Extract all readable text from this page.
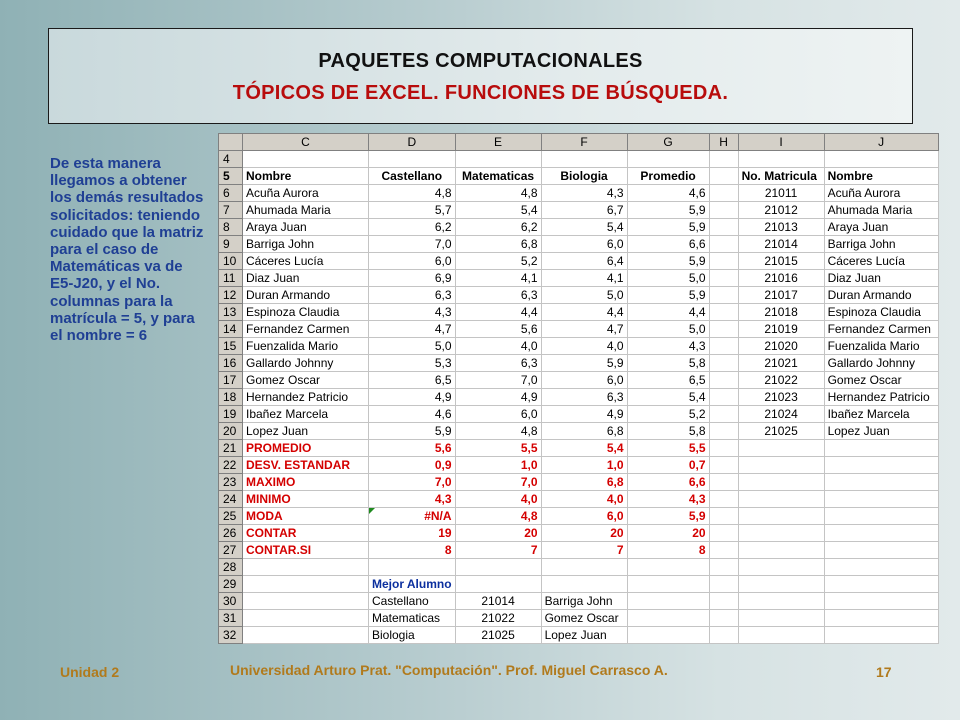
PAQUETES COMPUTACIONALES
TÓPICOS DE EXCEL. FUNCIONES DE BÚSQUEDA.
De esta manera llegamos a obtener los demás resultados solicitados: teniendo cuidado que la matriz para el caso de Matemáticas va de E5-J20, y el No. columnas para la matrícula = 5, y para el nombre = 6
	C	D	E	F	G	H	I	J
4								
5	Nombre	Castellano	Matematicas	Biologia	Promedio		No. Matricula	Nombre
6	Acuña Aurora	4,8	4,8	4,3	4,6		21011	Acuña Aurora
7	Ahumada Maria	5,7	5,4	6,7	5,9		21012	Ahumada Maria
8	Araya Juan	6,2	6,2	5,4	5,9		21013	Araya Juan
9	Barriga John	7,0	6,8	6,0	6,6		21014	Barriga John
10	Cáceres Lucía	6,0	5,2	6,4	5,9		21015	Cáceres Lucía
11	Diaz Juan	6,9	4,1	4,1	5,0		21016	Diaz Juan
12	Duran Armando	6,3	6,3	5,0	5,9		21017	Duran Armando
13	Espinoza Claudia	4,3	4,4	4,4	4,4		21018	Espinoza Claudia
14	Fernandez Carmen	4,7	5,6	4,7	5,0		21019	Fernandez Carmen
15	Fuenzalida Mario	5,0	4,0	4,0	4,3		21020	Fuenzalida Mario
16	Gallardo Johnny	5,3	6,3	5,9	5,8		21021	Gallardo Johnny
17	Gomez Oscar	6,5	7,0	6,0	6,5		21022	Gomez Oscar
18	Hernandez Patricio	4,9	4,9	6,3	5,4		21023	Hernandez Patricio
19	Ibañez Marcela	4,6	6,0	4,9	5,2		21024	Ibañez Marcela
20	Lopez Juan	5,9	4,8	6,8	5,8		21025	Lopez Juan
21	PROMEDIO	5,6	5,5	5,4	5,5			
22	DESV. ESTANDAR	0,9	1,0	1,0	0,7			
23	MAXIMO	7,0	7,0	6,8	6,6			
24	MINIMO	4,3	4,0	4,0	4,3			
25	MODA	#N/A	4,8	6,0	5,9			
26	CONTAR	19	20	20	20			
27	CONTAR.SI	8	7	7	8			
28								
29		Mejor Alumno						
30		Castellano	21014	Barriga John				
31		Matematicas	21022	Gomez Oscar				
32		Biologia	21025	Lopez Juan				
Unidad 2	Universidad Arturo Prat. "Computación". Prof. Miguel Carrasco A.	17
